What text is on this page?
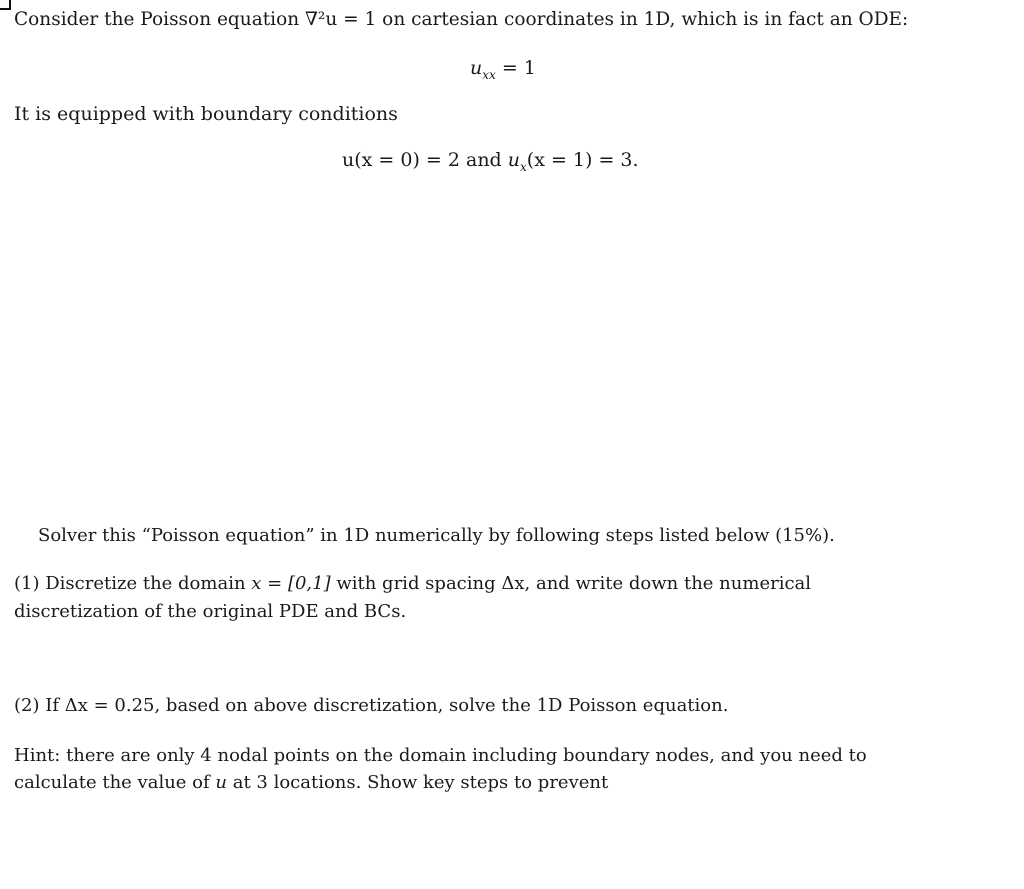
Consider the Poisson equation ∇²u = 1 on cartesian coordinates in 1D, which is in fact an ODE:
$u_{xx} = 1$
It is equipped with boundary conditions
u(x = 0) = 2 and $u_x(x = 1) = 3$.
Solver this “Poisson equation” in 1D numerically by following steps listed below (15%).
(1) Discretize the domain x = [0,1] with grid spacing Δx, and write down the numerical
discretization of the original PDE and BCs.
(2) If Δx = 0.25, based on above discretization, solve the 1D Poisson equation.
Hint: there are only 4 nodal points on the domain including boundary nodes, and you need to
calculate the value of u at 3 locations. Show key steps to prevent
